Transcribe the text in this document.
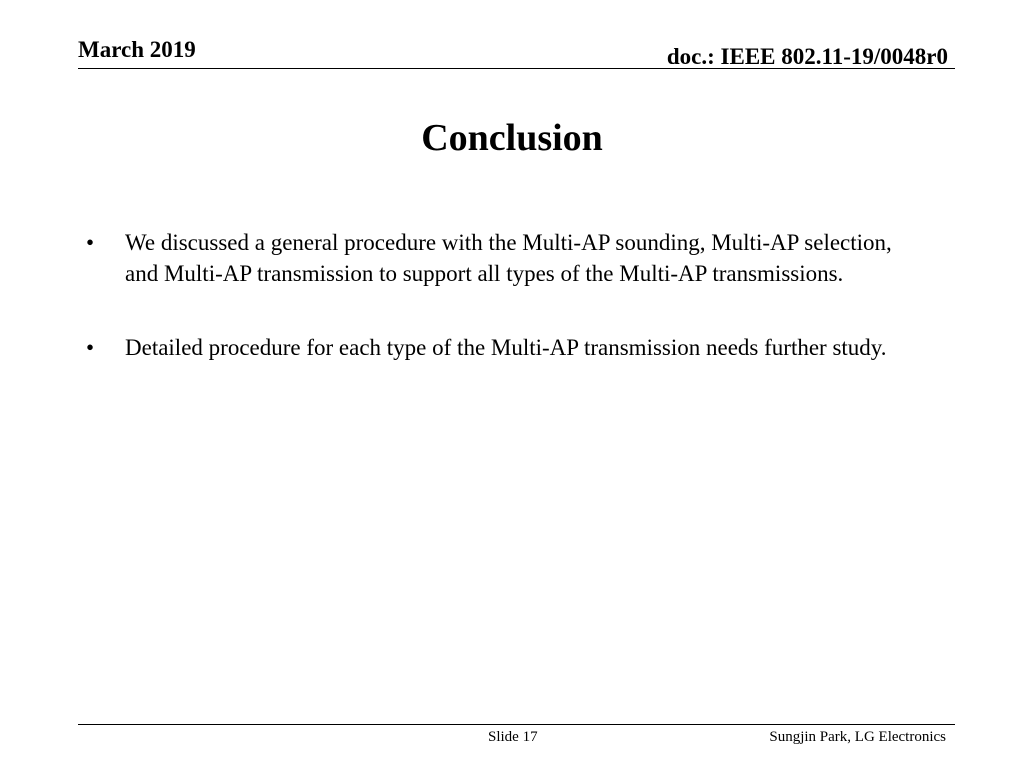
March 2019	doc.: IEEE 802.11-19/0048r0
Conclusion
• We discussed a general procedure with the Multi-AP sounding, Multi-AP selection, and Multi-AP transmission to support all types of the Multi-AP transmissions.
• Detailed procedure for each type of the Multi-AP transmission needs further study.
Slide 17	Sungjin Park, LG Electronics
